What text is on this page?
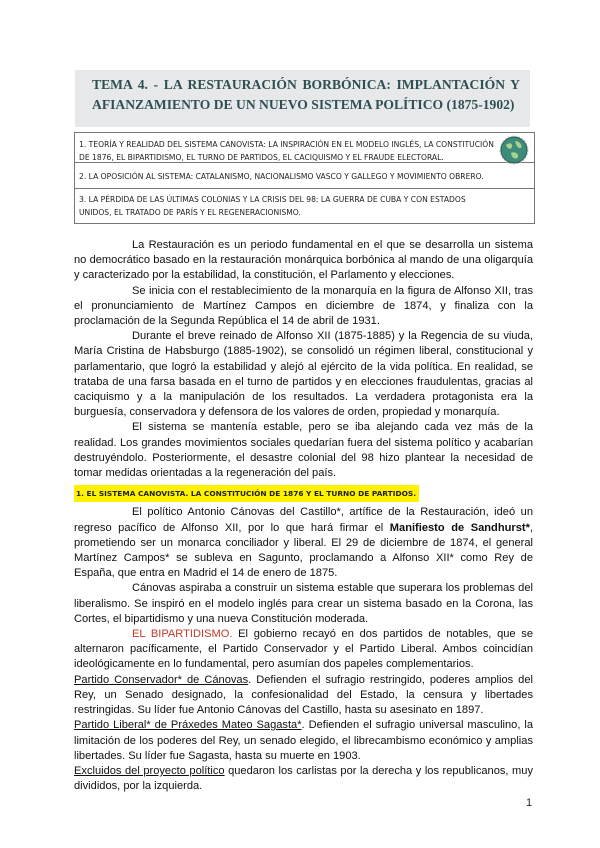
TEMA 4. - LA RESTAURACIÓN BORBÓNICA: IMPLANTACIÓN Y AFIANZAMIENTO DE UN NUEVO SISTEMA POLÍTICO (1875-1902)
1. TEORÍA Y REALIDAD DEL SISTEMA CANOVISTA: LA INSPIRACIÓN EN EL MODELO INGLÉS, LA CONSTITUCIÓN DE 1876, EL BIPARTIDISMO, EL TURNO DE PARTIDOS, EL CACIQUISMO Y EL FRAUDE ELECTORAL.
2. LA OPOSICIÓN AL SISTEMA: CATALANISMO, NACIONALISMO VASCO Y GALLEGO Y MOVIMIENTO OBRERO.
3. LA PÉRDIDA DE LAS ÚLTIMAS COLONIAS Y LA CRISIS DEL 98: LA GUERRA DE CUBA Y CON ESTADOS UNIDOS, EL TRATADO DE PARÍS Y EL REGENERACIONISMO.

La Restauración es un periodo fundamental en el que se desarrolla un sistema no democrático basado en la restauración monárquica borbónica al mando de una oligarquía y caracterizado por la estabilidad, la constitución, el Parlamento y elecciones.

Se inicia con el restablecimiento de la monarquía en la figura de Alfonso XII, tras el pronunciamiento de Martínez Campos en diciembre de 1874, y finaliza con la proclamación de la Segunda República el 14 de abril de 1931.

Durante el breve reinado de Alfonso XII (1875-1885) y la Regencia de su viuda, María Cristina de Habsburgo (1885-1902), se consolidó un régimen liberal, constitucional y parlamentario, que logró la estabilidad y alejó al ejército de la vida política. En realidad, se trataba de una farsa basada en el turno de partidos y en elecciones fraudulentas, gracias al caciquismo y a la manipulación de los resultados. La verdadera protagonista era la burguesía, conservadora y defensora de los valores de orden, propiedad y monarquía.

El sistema se mantenía estable, pero se iba alejando cada vez más de la realidad. Los grandes movimientos sociales quedarían fuera del sistema político y acabarían destruyéndolo. Posteriormente, el desastre colonial del 98 hizo plantear la necesidad de tomar medidas orientadas a la regeneración del país.

1. EL SISTEMA CANOVISTA. LA CONSTITUCIÓN DE 1876 Y EL TURNO DE PARTIDOS.

El político Antonio Cánovas del Castillo*, artífice de la Restauración, ideó un regreso pacífico de Alfonso XII, por lo que hará firmar el Manifiesto de Sandhurst*, prometiendo ser un monarca conciliador y liberal. El 29 de diciembre de 1874, el general Martínez Campos* se subleva en Sagunto, proclamando a Alfonso XII* como Rey de España, que entra en Madrid el 14 de enero de 1875.

Cánovas aspiraba a construir un sistema estable que superara los problemas del liberalismo. Se inspiró en el modelo inglés para crear un sistema basado en la Corona, las Cortes, el bipartidismo y una nueva Constitución moderada.

EL BIPARTIDISMO. El gobierno recayó en dos partidos de notables, que se alternaron pacíficamente, el Partido Conservador y el Partido Liberal. Ambos coincidían ideológicamente en lo fundamental, pero asumían dos papeles complementarios.

Partido Conservador* de Cánovas. Defienden el sufragio restringido, poderes amplios del Rey, un Senado designado, la confesionalidad del Estado, la censura y libertades restringidas. Su líder fue Antonio Cánovas del Castillo, hasta su asesinato en 1897.

Partido Liberal* de Práxedes Mateo Sagasta*. Defienden el sufragio universal masculino, la limitación de los poderes del Rey, un senado elegido, el librecambismo económico y amplias libertades. Su líder fue Sagasta, hasta su muerte en 1903.

Excluidos del proyecto político quedaron los carlistas por la derecha y los republicanos, muy divididos, por la izquierda.

1
